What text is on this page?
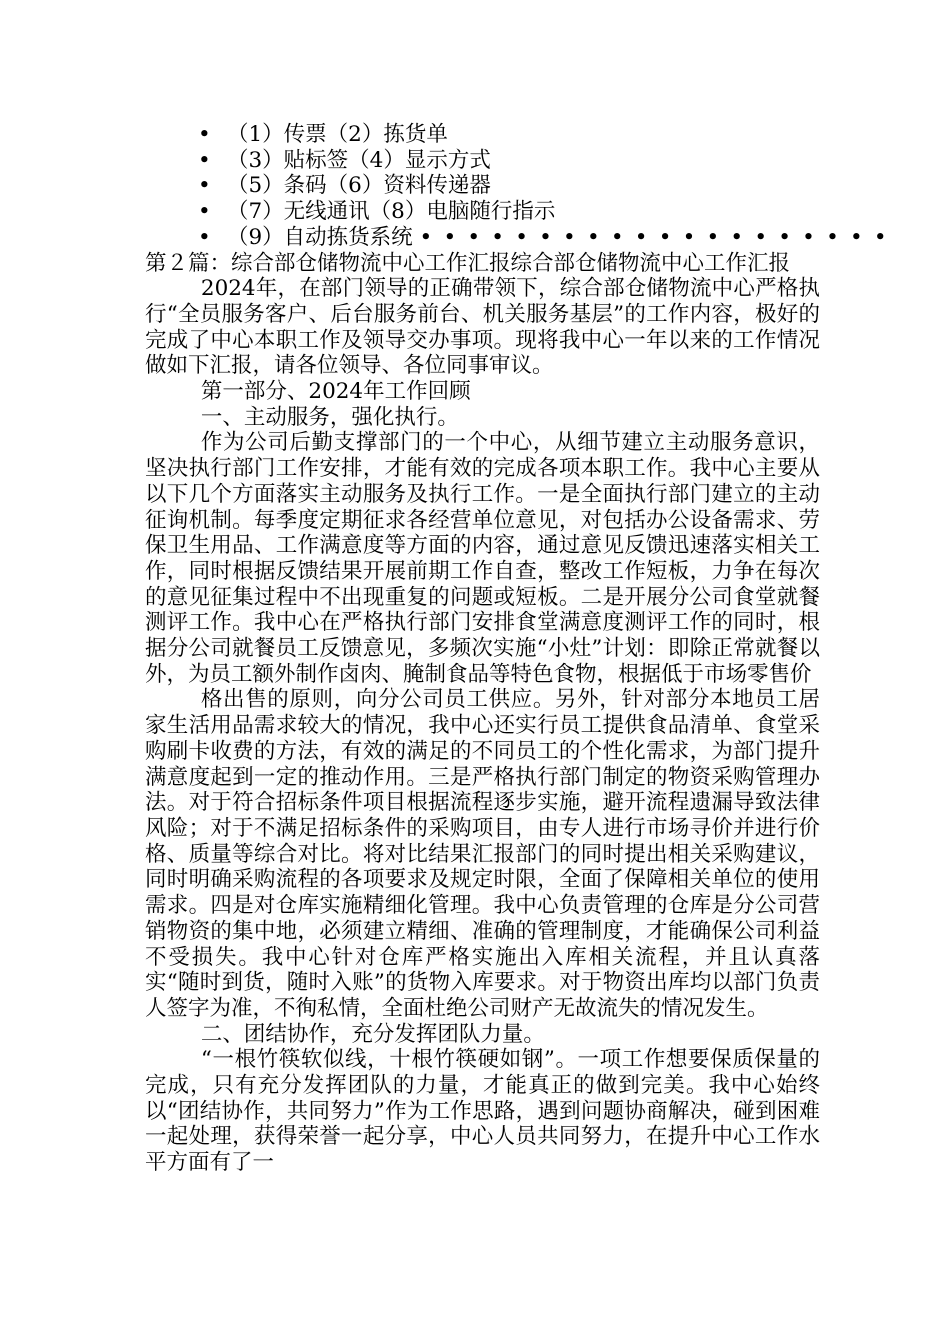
• （1）传票（2）拣货单
• （3）贴标签（4）显示方式
• （5）条码（6）资料传递器
• （7）无线通讯（8）电脑随行指示
• （9）自动拣货系统 • • • • • • • • • • • • • • • • • • • •

第２篇：综合部仓储物流中心工作汇报综合部仓储物流中心工作汇报

2024年，在部门领导的正确带领下，综合部仓储物流中心严格执行“全员服务客户、后台服务前台、机关服务基层”的工作内容，极好的完成了中心本职工作及领导交办事项。现将我中心一年以来的工作情况做如下汇报，请各位领导、各位同事审议。

第一部分、2024年工作回顾

一、主动服务，强化执行。

作为公司后勤支撑部门的一个中心，从细节建立主动服务意识，坚决执行部门工作安排，才能有效的完成各项本职工作。我中心主要从以下几个方面落实主动服务及执行工作。一是全面执行部门建立的主动征询机制。每季度定期征求各经营单位意见，对包括办公设备需求、劳保卫生用品、工作满意度等方面的内容，通过意见反馈迅速落实相关工作，同时根据反馈结果开展前期工作自查，整改工作短板，力争在每次的意见征集过程中不出现重复的问题或短板。二是开展分公司食堂就餐测评工作。我中心在严格执行部门安排食堂满意度测评工作的同时，根据分公司就餐员工反馈意见，多频次实施“小灶”计划：即除正常就餐以外，为员工额外制作卤肉、腌制食品等特色食物，根据低于市场零售价

格出售的原则，向分公司员工供应。另外，针对部分本地员工居家生活用品需求较大的情况，我中心还实行员工提供食品清单、食堂采购刷卡收费的方法，有效的满足的不同员工的个性化需求，为部门提升满意度起到一定的推动作用。三是严格执行部门制定的物资采购管理办法。对于符合招标条件项目根据流程逐步实施，避开流程遗漏导致法律风险；对于不满足招标条件的采购项目，由专人进行市场寻价并进行价格、质量等综合对比。将对比结果汇报部门的同时提出相关采购建议，同时明确采购流程的各项要求及规定时限，全面了保障相关单位的使用需求。四是对仓库实施精细化管理。我中心负责管理的仓库是分公司营销物资的集中地，必须建立精细、准确的管理制度，才能确保公司利益不受损失。我中心针对仓库严格实施出入库相关流程，并且认真落实“随时到货，随时入账”的货物入库要求。对于物资出库均以部门负责人签字为准，不徇私情，全面杜绝公司财产无故流失的情况发生。

二、团结协作，充分发挥团队力量。

“一根竹筷软似线，十根竹筷硬如钢”。一项工作想要保质保量的完成，只有充分发挥团队的力量，才能真正的做到完美。我中心始终以“团结协作，共同努力”作为工作思路，遇到问题协商解决，碰到困难一起处理，获得荣誉一起分享，中心人员共同努力，在提升中心工作水平方面有了一
